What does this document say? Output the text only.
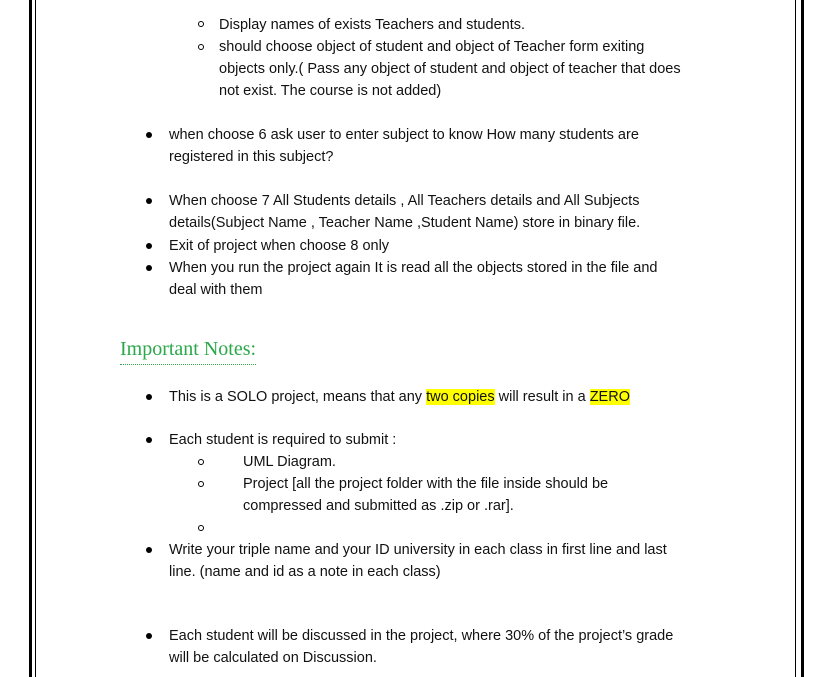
Display names of exists Teachers and students.
should choose object of student and object of Teacher form exiting
objects only.( Pass any object of student and object of teacher that does
not exist. The course is not added)
when choose 6 ask user to enter subject to know How many students are
registered in this subject?
When choose 7 All Students details , All Teachers details and All Subjects
details(Subject Name , Teacher Name ,Student Name) store in binary file.
Exit of project when choose 8 only
When you run the project again It is read all the objects stored in the file and
deal with them
Important Notes:
This is a SOLO project, means that any two copies will result in a ZERO
Each student is required to submit :
UML Diagram.
Project [all the project folder with the file inside should be
compressed and submitted as .zip or .rar].
Write your triple name and your ID university in each class in first line and last
line. (name and id as a note in each class)
Each student will be discussed in the project, where 30% of the project’s grade
will be calculated on Discussion.
